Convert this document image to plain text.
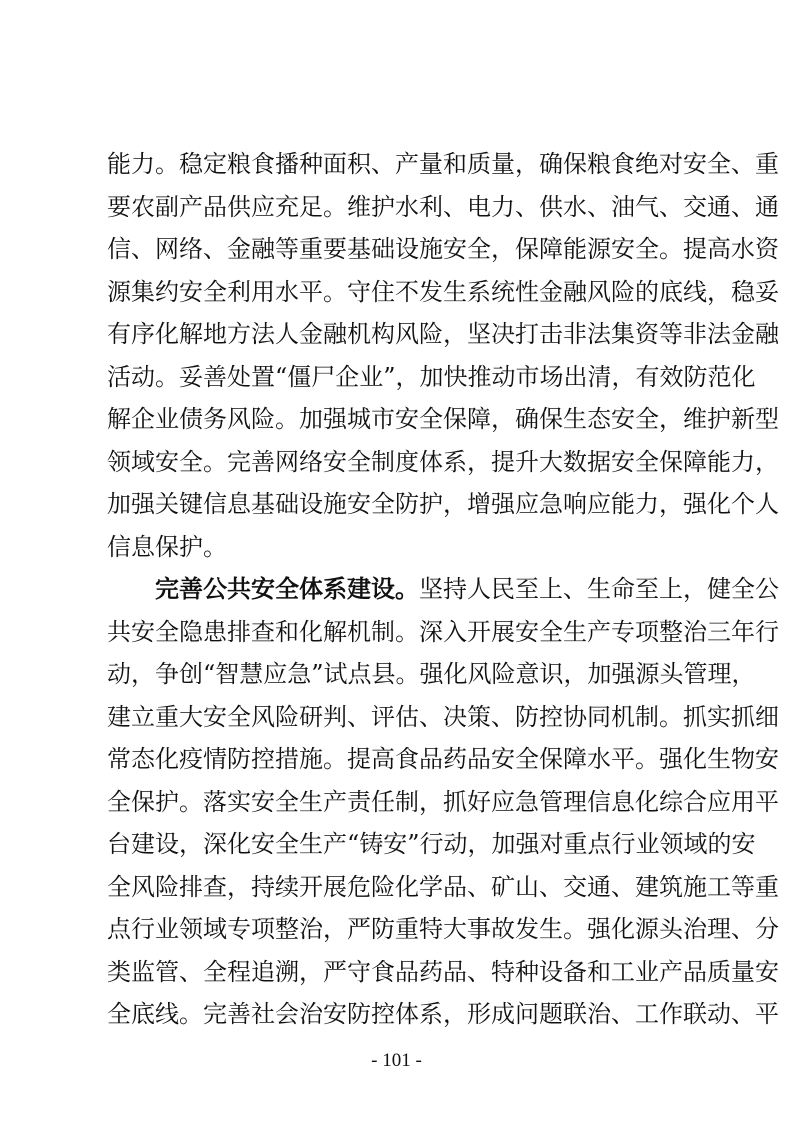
能力。稳定粮食播种面积、产量和质量，确保粮食绝对安全、重
要农副产品供应充足。维护水利、电力、供水、油气、交通、通
信、网络、金融等重要基础设施安全，保障能源安全。提高水资
源集约安全利用水平。守住不发生系统性金融风险的底线，稳妥
有序化解地方法人金融机构风险，坚决打击非法集资等非法金融
活动。妥善处置“僵尸企业”，加快推动市场出清，有效防范化
解企业债务风险。加强城市安全保障，确保生态安全，维护新型
领域安全。完善网络安全制度体系，提升大数据安全保障能力，
加强关键信息基础设施安全防护，增强应急响应能力，强化个人
信息保护。
完善公共安全体系建设。坚持人民至上、生命至上，健全公
共安全隐患排查和化解机制。深入开展安全生产专项整治三年行
动，争创“智慧应急”试点县。强化风险意识，加强源头管理，
建立重大安全风险研判、评估、决策、防控协同机制。抓实抓细
常态化疫情防控措施。提高食品药品安全保障水平。强化生物安
全保护。落实安全生产责任制，抓好应急管理信息化综合应用平
台建设，深化安全生产“铸安”行动，加强对重点行业领域的安
全风险排查，持续开展危险化学品、矿山、交通、建筑施工等重
点行业领域专项整治，严防重特大事故发生。强化源头治理、分
类监管、全程追溯，严守食品药品、特种设备和工业产品质量安
全底线。完善社会治安防控体系，形成问题联治、工作联动、平
- 101 -
